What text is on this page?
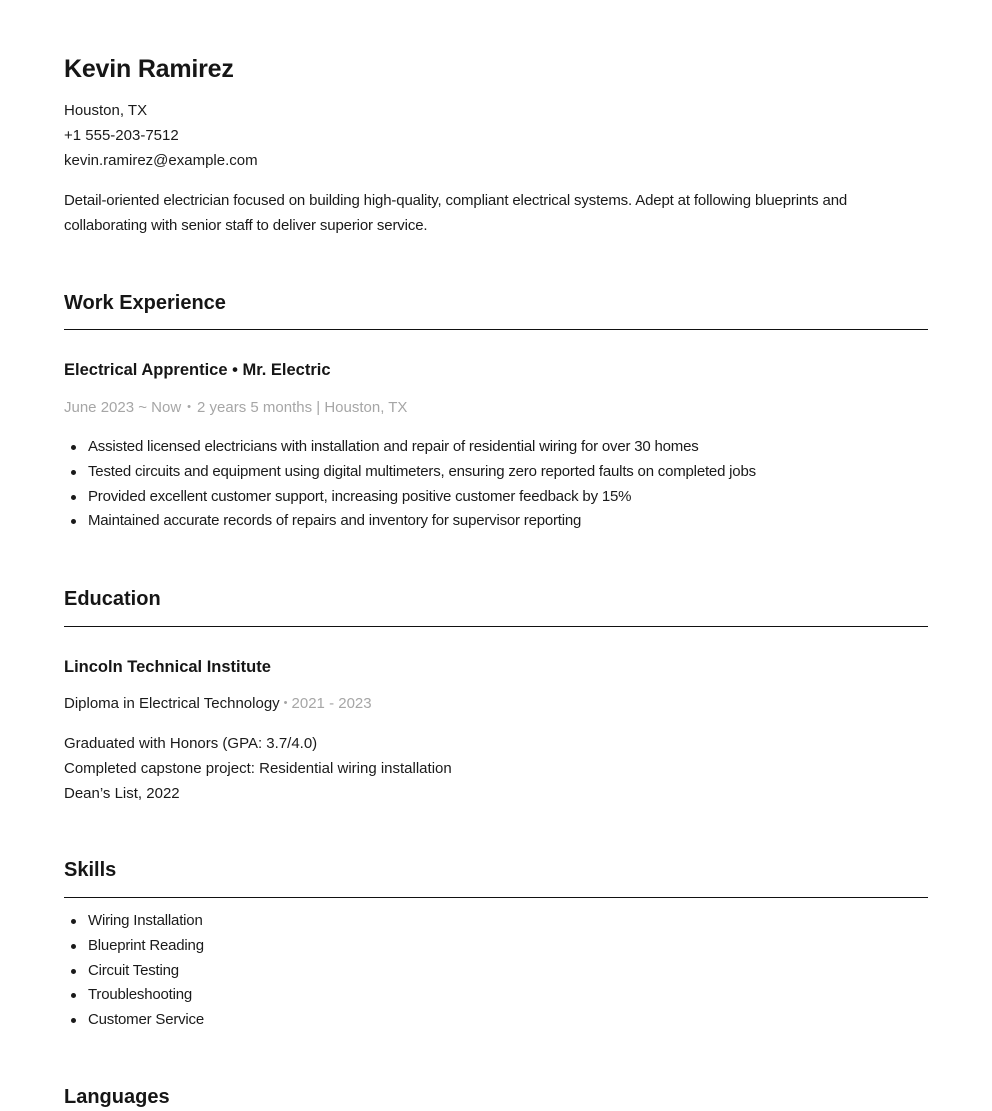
Kevin Ramirez
Houston, TX
+1 555-203-7512
kevin.ramirez@example.com
Detail-oriented electrician focused on building high-quality, compliant electrical systems. Adept at following blueprints and collaborating with senior staff to deliver superior service.
Work Experience
Electrical Apprentice • Mr. Electric
June 2023 ~ Now • 2 years 5 months | Houston, TX
Assisted licensed electricians with installation and repair of residential wiring for over 30 homes
Tested circuits and equipment using digital multimeters, ensuring zero reported faults on completed jobs
Provided excellent customer support, increasing positive customer feedback by 15%
Maintained accurate records of repairs and inventory for supervisor reporting
Education
Lincoln Technical Institute
Diploma in Electrical Technology • 2021 - 2023
Graduated with Honors (GPA: 3.7/4.0)
Completed capstone project: Residential wiring installation
Dean’s List, 2022
Skills
Wiring Installation
Blueprint Reading
Circuit Testing
Troubleshooting
Customer Service
Languages
